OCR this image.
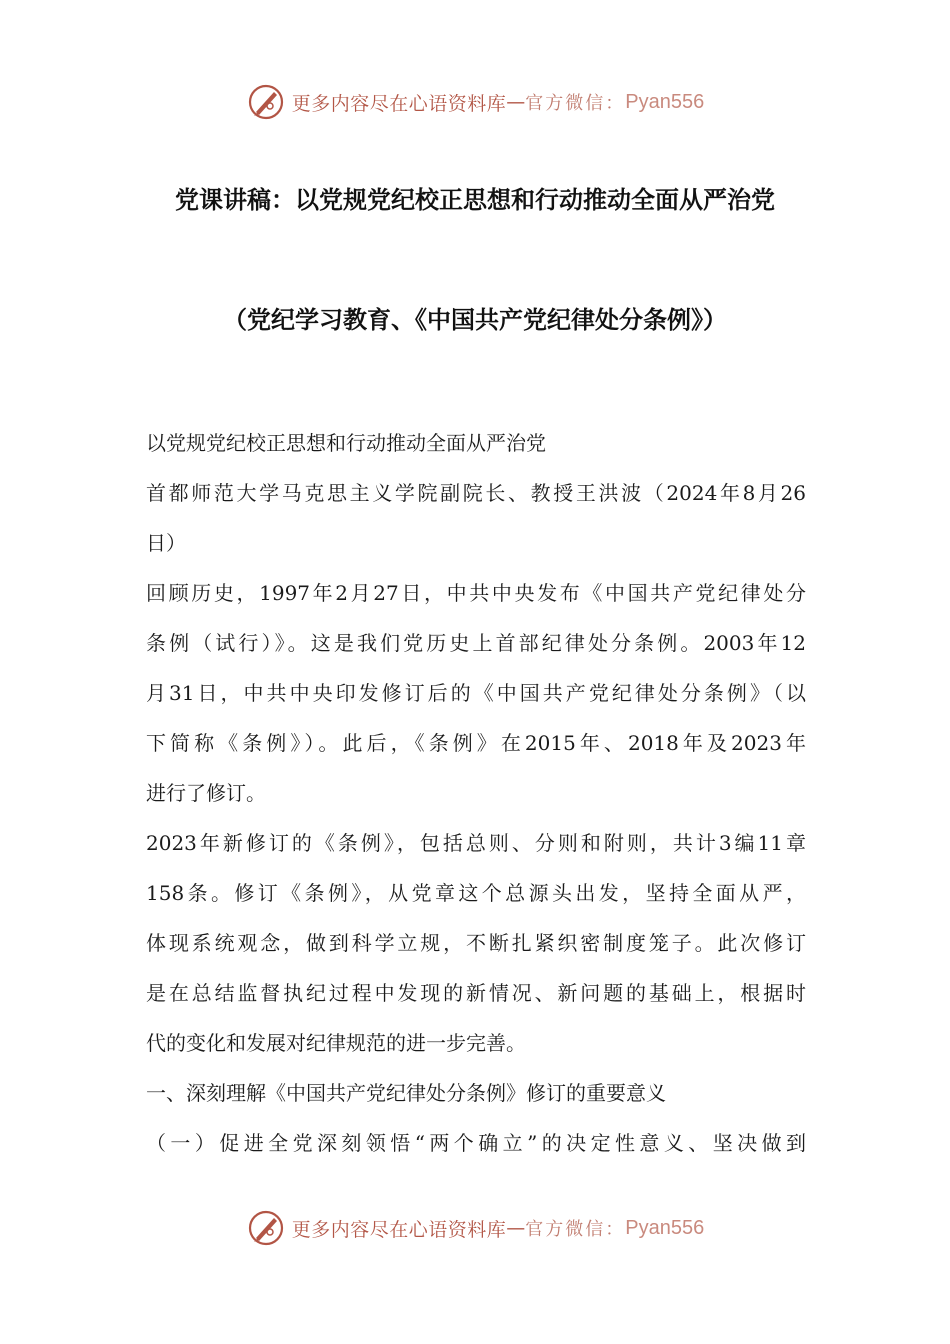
更多内容尽在心语资料库 — 官方微信： Pyan556
党课讲稿：以党规党纪校正思想和行动推动全面从严治党
（党纪学习教育、《中国共产党纪律处分条例》）
以党规党纪校正思想和行动推动全面从严治党
首都师范大学马克思主义学院副院长、教授王洪波（2024年8月26
日）
回顾历史，1997年2月27日，中共中央发布《中国共产党纪律处分
条例（试行）》。这是我们党历史上首部纪律处分条例。2003年12
月31日，中共中央印发修订后的《中国共产党纪律处分条例》（以
下简称《条例》）。此后，《条例》在2015年、2018年及2023年
进行了修订。
2023年新修订的《条例》，包括总则、分则和附则，共计3编11章
158条。修订《条例》，从党章这个总源头出发，坚持全面从严，
体现系统观念，做到科学立规，不断扎紧织密制度笼子。此次修订
是在总结监督执纪过程中发现的新情况、新问题的基础上，根据时
代的变化和发展对纪律规范的进一步完善。
一、深刻理解《中国共产党纪律处分条例》修订的重要意义
（一）促进全党深刻领悟“两个确立”的决定性意义、坚决做到
更多内容尽在心语资料库 — 官方微信： Pyan556
